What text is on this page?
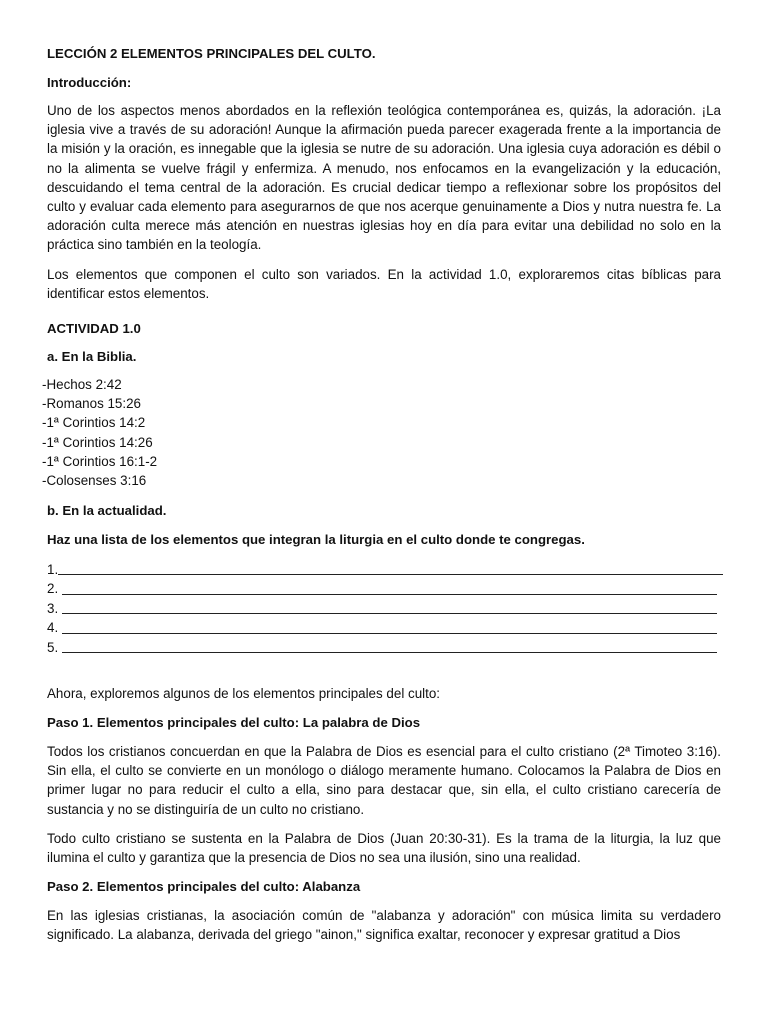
LECCIÓN 2 ELEMENTOS PRINCIPALES DEL CULTO.
Introducción:

Uno de los aspectos menos abordados en la reflexión teológica contemporánea es, quizás, la adoración. ¡La iglesia vive a través de su adoración! Aunque la afirmación pueda parecer exagerada frente a la importancia de la misión y la oración, es innegable que la iglesia se nutre de su adoración. Una iglesia cuya adoración es débil o no la alimenta se vuelve frágil y enfermiza. A menudo, nos enfocamos en la evangelización y la educación, descuidando el tema central de la adoración. Es crucial dedicar tiempo a reflexionar sobre los propósitos del culto y evaluar cada elemento para asegurarnos de que nos acerque genuinamente a Dios y nutra nuestra fe. La adoración culta merece más atención en nuestras iglesias hoy en día para evitar una debilidad no solo en la práctica sino también en la teología.

Los elementos que componen el culto son variados. En la actividad 1.0, exploraremos citas bíblicas para identificar estos elementos.

ACTIVIDAD 1.0
a. En la Biblia.
-Hechos 2:42
-Romanos 15:26
-1ª Corintios 14:2
-1ª Corintios 14:26
-1ª Corintios 16:1-2
-Colosenses 3:16
b. En la actualidad.
Haz una lista de los elementos que integran la liturgia en el culto donde te congregas.
1.
2.
3.
4.
5.
Ahora, exploremos algunos de los elementos principales del culto:
Paso 1. Elementos principales del culto: La palabra de Dios

Todos los cristianos concuerdan en que la Palabra de Dios es esencial para el culto cristiano (2ª Timoteo 3:16). Sin ella, el culto se convierte en un monólogo o diálogo meramente humano. Colocamos la Palabra de Dios en primer lugar no para reducir el culto a ella, sino para destacar que, sin ella, el culto cristiano carecería de sustancia y no se distinguiría de un culto no cristiano.

Todo culto cristiano se sustenta en la Palabra de Dios (Juan 20:30-31). Es la trama de la liturgia, la luz que ilumina el culto y garantiza que la presencia de Dios no sea una ilusión, sino una realidad.

Paso 2. Elementos principales del culto: Alabanza

En las iglesias cristianas, la asociación común de "alabanza y adoración" con música limita su verdadero significado. La alabanza, derivada del griego "ainon," significa exaltar, reconocer y expresar gratitud a Dios
